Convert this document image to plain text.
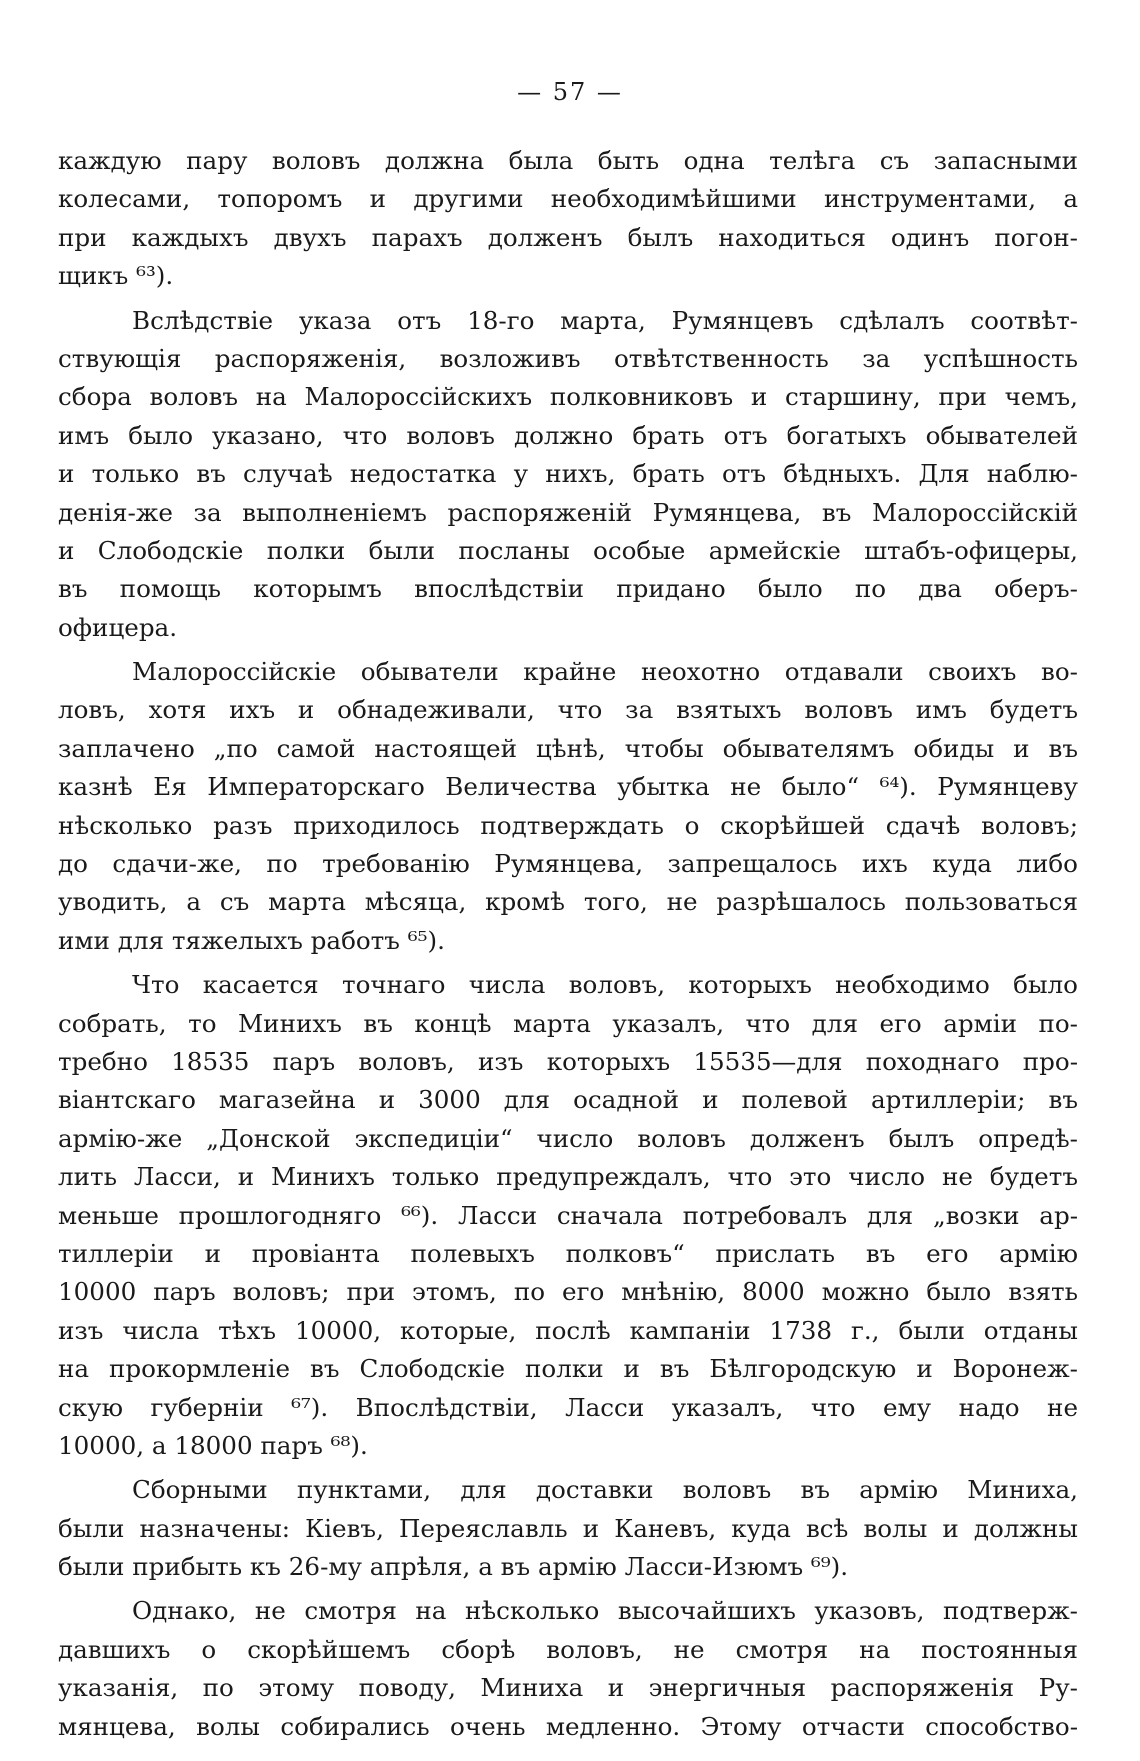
— 57 —
каждую пару воловъ должна была быть одна телѣга съ запасными
колесами, топоромъ и другими необходимѣйшими инструментами, а
при каждыхъ двухъ парахъ долженъ былъ находиться одинъ погон-
щикъ ⁶³).
Вслѣдствіе указа отъ 18-го марта, Румянцевъ сдѣлалъ соотвѣт-
ствующія распоряженія, возложивъ отвѣтственность за успѣшность
сбора воловъ на Малороссійскихъ полковниковъ и старшину, при чемъ,
имъ было указано, что воловъ должно брать отъ богатыхъ обывателей
и только въ случаѣ недостатка у нихъ, брать отъ бѣдныхъ. Для наблю-
денія-же за выполненіемъ распоряженій Румянцева, въ Малороссійскій
и Слободскіе полки были посланы особые армейскіе штабъ-офицеры,
въ помощь которымъ впослѣдствіи придано было по два оберъ-
офицера.
Малороссійскіе обыватели крайне неохотно отдавали своихъ во-
ловъ, хотя ихъ и обнадеживали, что за взятыхъ воловъ имъ будетъ
заплачено „по самой настоящей цѣнѣ, чтобы обывателямъ обиды и въ
казнѣ Ея Императорскаго Величества убытка не было“ ⁶⁴). Румянцеву
нѣсколько разъ приходилось подтверждать о скорѣйшей сдачѣ воловъ;
до сдачи-же, по требованію Румянцева, запрещалось ихъ куда либо
уводить, а съ марта мѣсяца, кромѣ того, не разрѣшалось пользоваться
ими для тяжелыхъ работъ ⁶⁵).
Что касается точнаго числа воловъ, которыхъ необходимо было
собрать, то Минихъ въ концѣ марта указалъ, что для его арміи по-
требно 18535 паръ воловъ, изъ которыхъ 15535—для походнаго про-
віантскаго магазейна и 3000 для осадной и полевой артиллеріи; въ
армію-же „Донской экспедиціи“ число воловъ долженъ былъ опредѣ-
лить Ласси, и Минихъ только предупреждалъ, что это число не будетъ
меньше прошлогодняго ⁶⁶). Ласси сначала потребовалъ для „возки ар-
тиллеріи и провіанта полевыхъ полковъ“ прислать въ его армію
10000 паръ воловъ; при этомъ, по его мнѣнію, 8000 можно было взять
изъ числа тѣхъ 10000, которые, послѣ кампаніи 1738 г., были отданы
на прокормленіе въ Слободскіе полки и въ Бѣлгородскую и Воронеж-
скую губерніи ⁶⁷). Впослѣдствіи, Ласси указалъ, что ему надо не
10000, а 18000 паръ ⁶⁸).
Сборными пунктами, для доставки воловъ въ армію Миниха,
были назначены: Кіевъ, Переяславль и Каневъ, куда всѣ волы и должны
были прибыть къ 26-му апрѣля, а въ армію Ласси-Изюмъ ⁶⁹).
Однако, не смотря на нѣсколько высочайшихъ указовъ, подтверж-
давшихъ о скорѣйшемъ сборѣ воловъ, не смотря на постоянныя
указанія, по этому поводу, Миниха и энергичныя распоряженія Ру-
мянцева, волы собирались очень медленно. Этому отчасти способство-
